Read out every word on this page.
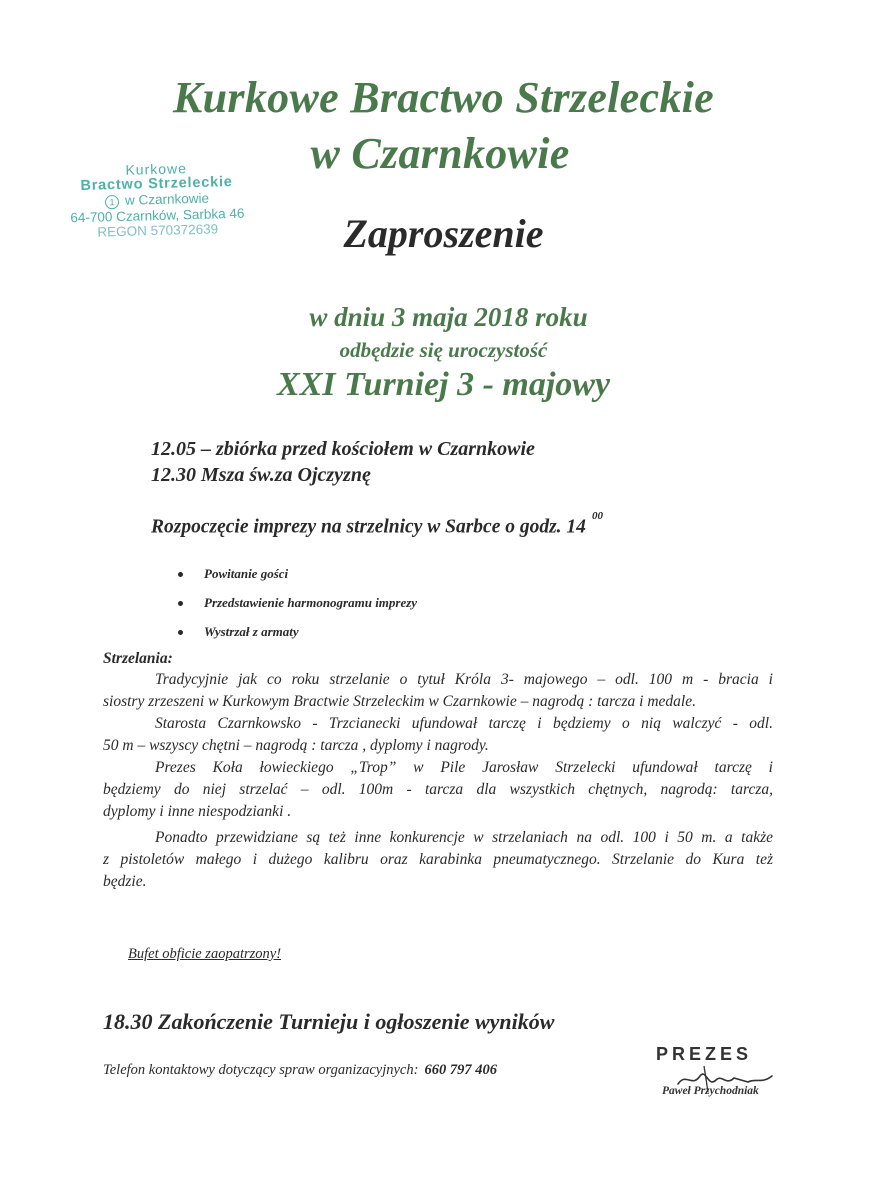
Kurkowe Bractwo Strzeleckie
w Czarnkowie
Kurkowe
Bractwo Strzeleckie
1 w Czarnkowie
64-700 Czarnków, Sarbka 46
REGON 570372639	Zaproszenie
w dniu 3 maja 2018 roku
odbędzie się uroczystość
XXI Turniej 3 - majowy
12.05 – zbiórka przed kościołem w Czarnkowie
12.30 Msza św.za Ojczyznę
Rozpoczęcie imprezy na strzelnicy w Sarbce o godz. $14^{00}$
Powitanie gości
Przedstawienie harmonogramu imprezy
Wystrzał z armaty
Strzelania:
Tradycyjnie jak co roku strzelanie o tytuł Króla 3- majowego – odl. 100 m - bracia i
siostry zrzeszeni w Kurkowym Bractwie Strzeleckim w Czarnkowie – nagrodą : tarcza i medale.
Starosta Czarnkowsko - Trzcianecki ufundował tarczę i będziemy o nią walczyć - odl.
50 m – wszyscy chętni – nagrodą : tarcza , dyplomy i nagrody.
Prezes Koła łowieckiego „Trop” w Pile Jarosław Strzelecki ufundował tarczę i
będziemy do niej strzelać – odl. 100m - tarcza dla wszystkich chętnych, nagrodą: tarcza,
dyplomy i inne niespodzianki .
Ponadto przewidziane są też inne konkurencje w strzelaniach na odl. 100 i 50 m. a także
z pistoletów małego i dużego kalibru oraz karabinka pneumatycznego. Strzelanie do Kura też
będzie.
Bufet obficie zaopatrzony!
18.30 Zakończenie Turnieju i ogłoszenie wyników
Telefon kontaktowy dotyczący spraw organizacyjnych: 660 797 406
PREZES
Paweł Przychodniak
